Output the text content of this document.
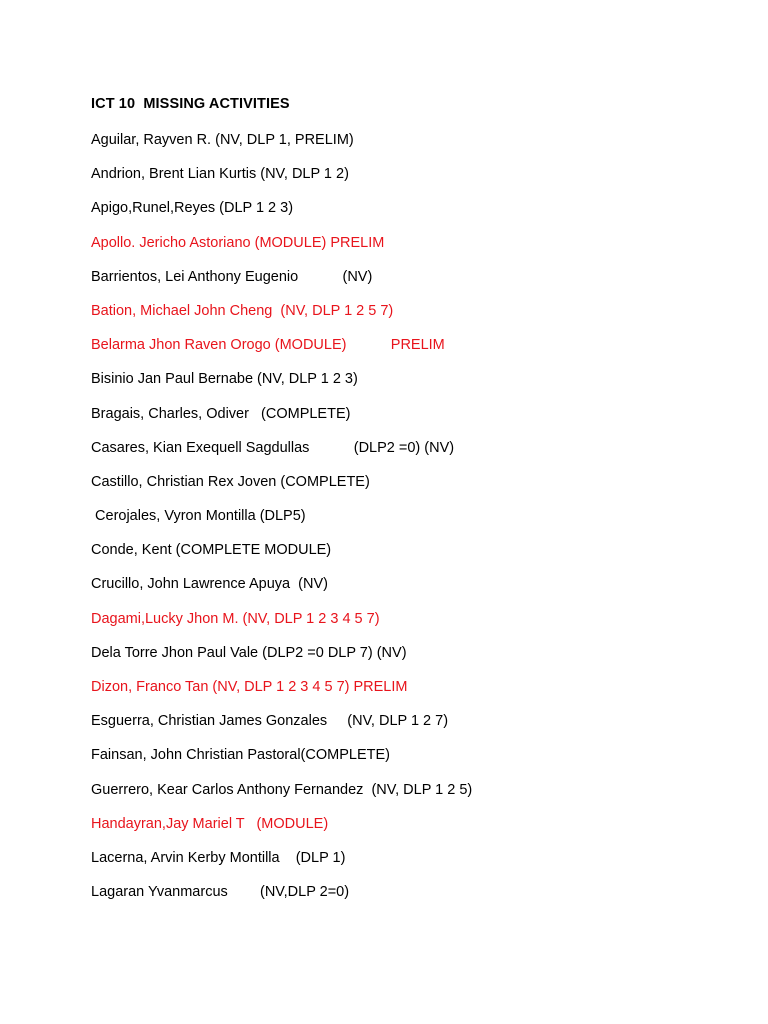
ICT 10  MISSING ACTIVITIES

Aguilar, Rayven R. (NV, DLP 1, PRELIM)
Andrion, Brent Lian Kurtis (NV, DLP 1 2)
Apigo,Runel,Reyes (DLP 1 2 3)
Apollo. Jericho Astoriano (MODULE) PRELIM
Barrientos, Lei Anthony Eugenio           (NV)
Bation, Michael John Cheng  (NV, DLP 1 2 5 7)
Belarma Jhon Raven Orogo (MODULE)           PRELIM
Bisinio Jan Paul Bernabe (NV, DLP 1 2 3)
Bragais, Charles, Odiver   (COMPLETE)
Casares, Kian Exequell Sagdullas           (DLP2 =0) (NV)
Castillo, Christian Rex Joven (COMPLETE)
Cerojales, Vyron Montilla (DLP5)
Conde, Kent (COMPLETE MODULE)
Crucillo, John Lawrence Apuya  (NV)
Dagami,Lucky Jhon M. (NV, DLP 1 2 3 4 5 7)
Dela Torre Jhon Paul Vale (DLP2 =0 DLP 7) (NV)
Dizon, Franco Tan (NV, DLP 1 2 3 4 5 7) PRELIM
Esguerra, Christian James Gonzales     (NV, DLP 1 2 7)
Fainsan, John Christian Pastoral(COMPLETE)
Guerrero, Kear Carlos Anthony Fernandez  (NV, DLP 1 2 5)
Handayran,Jay Mariel T   (MODULE)
Lacerna, Arvin Kerby Montilla    (DLP 1)
Lagaran Yvanmarcus        (NV,DLP 2=0)
